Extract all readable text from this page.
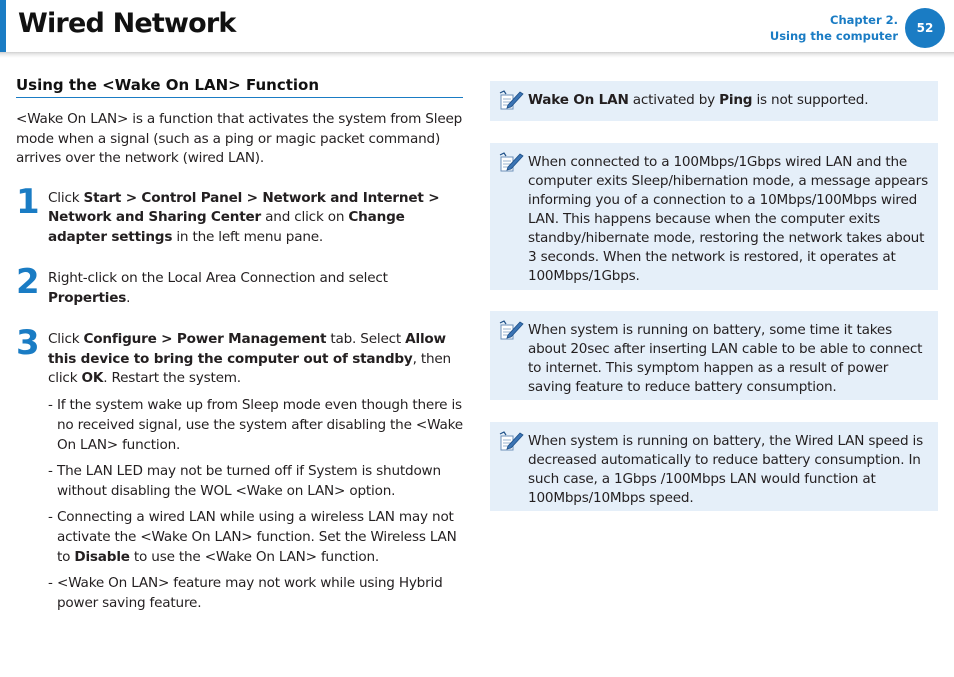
Wired Network	Chapter 2.
Using the computer
52
Using the <Wake On LAN> Function
<Wake On LAN> is a function that activates the system from Sleep mode when a signal (such as a ping or magic packet command) arrives over the network (wired LAN).
1 Click Start > Control Panel > Network and Internet > Network and Sharing Center and click on Change adapter settings in the left menu pane.
2 Right-click on the Local Area Connection and select Properties.
3 Click Configure > Power Management tab. Select Allow this device to bring the computer out of standby, then click OK. Restart the system.
- If the system wake up from Sleep mode even though there is no received signal, use the system after disabling the <Wake On LAN> function.
- The LAN LED may not be turned off if System is shutdown without disabling the WOL <Wake on LAN> option.
- Connecting a wired LAN while using a wireless LAN may not activate the <Wake On LAN> function. Set the Wireless LAN to Disable to use the <Wake On LAN> function.
- <Wake On LAN> feature may not work while using Hybrid power saving feature.
Wake On LAN activated by Ping is not supported.
When connected to a 100Mbps/1Gbps wired LAN and the computer exits Sleep/hibernation mode, a message appears informing you of a connection to a 10Mbps/100Mbps wired LAN. This happens because when the computer exits standby/hibernate mode, restoring the network takes about 3 seconds. When the network is restored, it operates at 100Mbps/1Gbps.
When system is running on battery, some time it takes about 20sec after inserting LAN cable to be able to connect to internet. This symptom happen as a result of power saving feature to reduce battery consumption.
When system is running on battery, the Wired LAN speed is decreased automatically to reduce battery consumption. In such case, a 1Gbps /100Mbps LAN would function at 100Mbps/10Mbps speed.
